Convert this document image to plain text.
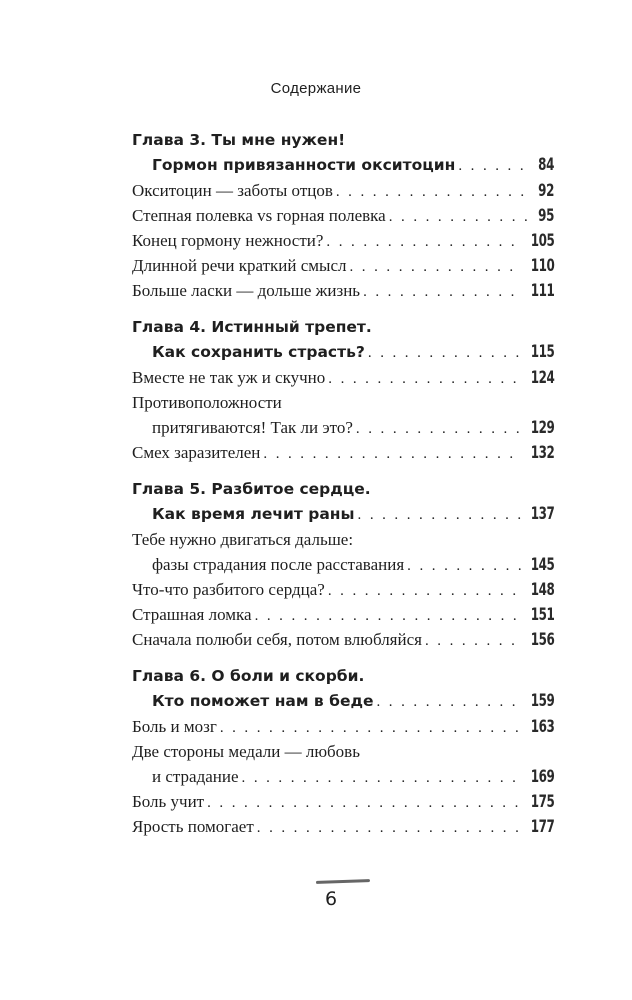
Содержание
Глава 3. Ты мне нужен!
Гормон привязанности окситоцин . . .	84
Окситоцин — заботы отцов . . .	92
Степная полевка vs горная полевка . . .	95
Конец гормону нежности? . . .	105
Длинной речи краткий смысл . . .	110
Больше ласки — дольше жизнь . . .	111
Глава 4. Истинный трепет.
Как сохранить страсть? . . .	115
Вместе не так уж и скучно . . .	124
Противоположности
притягиваются! Так ли это? . . .	129
Смех заразителен . . .	132
Глава 5. Разбитое сердце.
Как время лечит раны . . .	137
Тебе нужно двигаться дальше:
фазы страдания после расставания . . .	145
Что-что разбитого сердца? . . .	148
Страшная ломка . . .	151
Сначала полюби себя, потом влюбляйся . . .	156
Глава 6. О боли и скорби.
Кто поможет нам в беде . . .	159
Боль и мозг . . .	163
Две стороны медали — любовь
и страдание . . .	169
Боль учит . . .	175
Ярость помогает . . .	177
6
